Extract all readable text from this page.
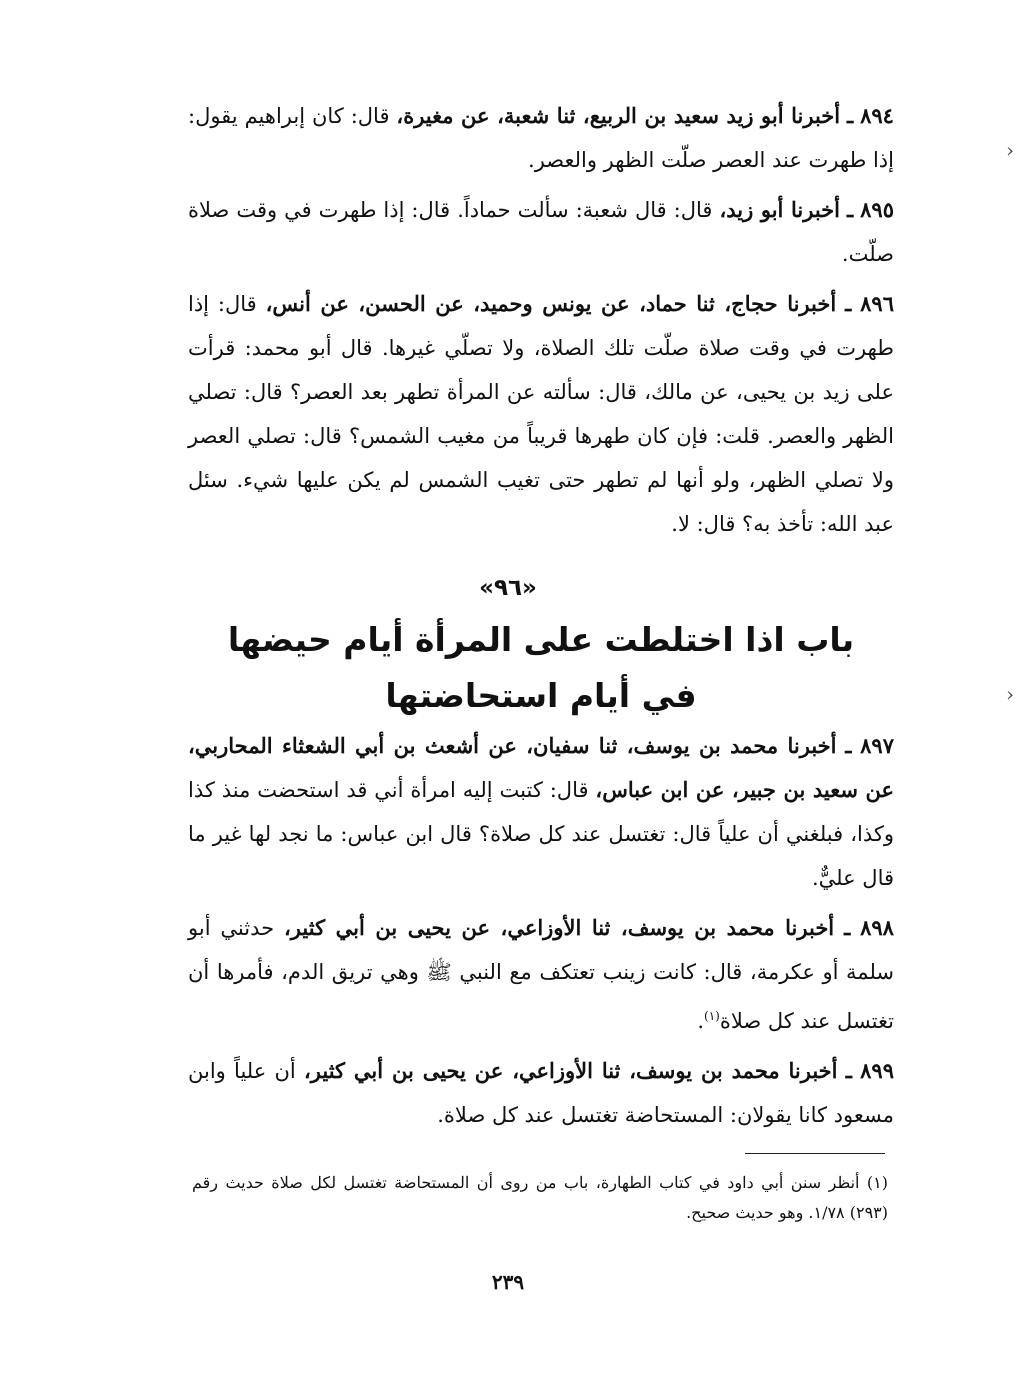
٨٩٤ ـ أخبرنا أبو زيد سعيد بن الربيع، ثنا شعبة، عن مغيرة، قال: كان إبراهيم يقول: إذا طهرت عند العصر صلّت الظهر والعصر.

٨٩٥ ـ أخبرنا أبو زيد، قال: قال شعبة: سألت حماداً. قال: إذا طهرت في وقت صلاة صلّت.

٨٩٦ ـ أخبرنا حجاج، ثنا حماد، عن يونس وحميد، عن الحسن، عن أنس، قال: إذا طهرت في وقت صلاة صلّت تلك الصلاة، ولا تصلّي غيرها. قال أبو محمد: قرأت على زيد بن يحيى، عن مالك، قال: سألته عن المرأة تطهر بعد العصر؟ قال: تصلي الظهر والعصر. قلت: فإن كان طهرها قريباً من مغيب الشمس؟ قال: تصلي العصر ولا تصلي الظهر، ولو أنها لم تطهر حتى تغيب الشمس لم يكن عليها شيء. سئل عبد الله: تأخذ به؟ قال: لا.

«٩٦»
باب اذا اختلطت على المرأة أيام حيضها
في أيام استحاضتها

٨٩٧ ـ أخبرنا محمد بن يوسف، ثنا سفيان، عن أشعث بن أبي الشعثاء المحاربي، عن سعيد بن جبير، عن ابن عباس، قال: كتبت إليه امرأة أني قد استحضت منذ كذا وكذا، فبلغني أن علياً قال: تغتسل عند كل صلاة؟ قال ابن عباس: ما نجد لها غير ما قال عليٌّ.

٨٩٨ ـ أخبرنا محمد بن يوسف، ثنا الأوزاعي، عن يحيى بن أبي كثير، حدثني أبو سلمة أو عكرمة، قال: كانت زينب تعتكف مع النبي ﷺ وهي تريق الدم، فأمرها أن تغتسل عند كل صلاة$^{(١)}$.

٨٩٩ ـ أخبرنا محمد بن يوسف، ثنا الأوزاعي، عن يحيى بن أبي كثير، أن علياً وابن مسعود كانا يقولان: المستحاضة تغتسل عند كل صلاة.

(١) أنظر سنن أبي داود في كتاب الطهارة، باب من روى أن المستحاضة تغتسل لكل صلاة حديث رقم (٢٩٣) ١/٧٨. وهو حديث صحيح.

٢٣٩
‹
‹
